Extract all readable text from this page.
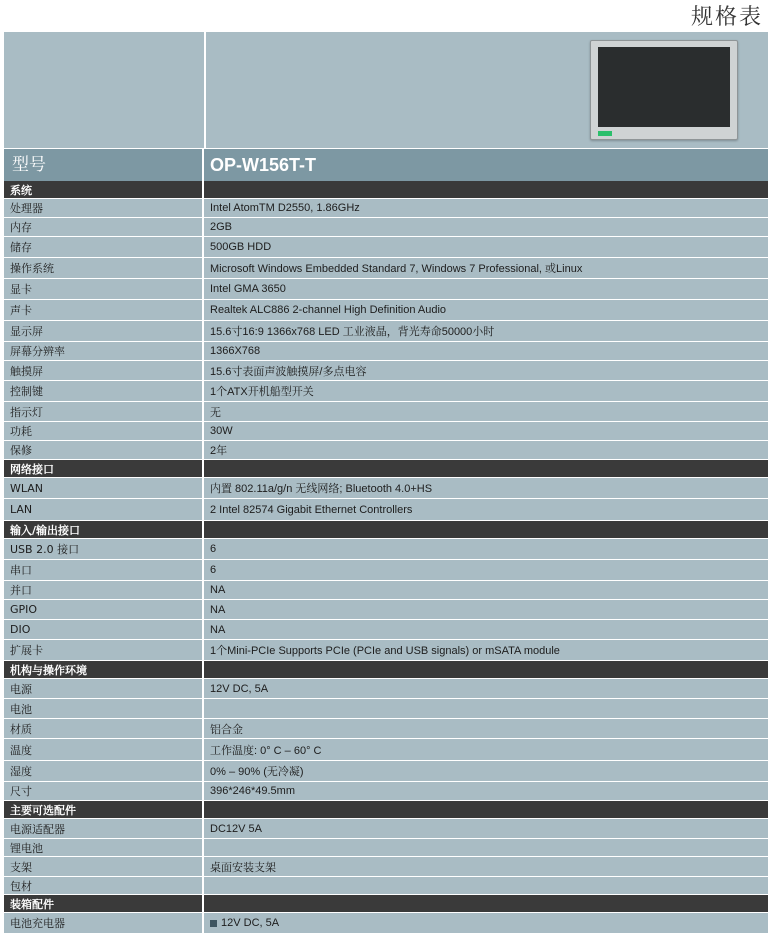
规格表
型号	OP-W156T-T
系统
处理器	Intel AtomTM D2550, 1.86GHz
内存	2GB
储存	500GB HDD
操作系统	Microsoft Windows Embedded Standard 7, Windows 7 Professional, 或Linux
显卡	Intel GMA 3650
声卡	Realtek ALC886 2-channel High Definition Audio
显示屏	15.6寸16:9 1366x768 LED 工业液晶，背光寿命50000小时
屏幕分辨率	1366X768
触摸屏	15.6寸表面声波触摸屏/多点电容
控制键	1个ATX开机船型开关
指示灯	无
功耗	30W
保修	2年
网络接口
WLAN	内置 802.11a/g/n 无线网络; Bluetooth 4.0+HS
LAN	2 Intel 82574 Gigabit Ethernet Controllers
输入/输出接口
USB 2.0 接口	6
串口	6
并口	NA
GPIO	NA
DIO	NA
扩展卡	1个Mini-PCIe Supports PCIe (PCIe and USB signals) or mSATA module
机构与操作环境
电源	12V DC, 5A
电池
材质	铝合金
温度	工作温度: 0° C – 60° C
湿度	0% – 90% (无冷凝)
尺寸	396*246*49.5mm
主要可选配件
电源适配器	DC12V 5A
锂电池
支架	桌面安装支架
包材
装箱配件
电池充电器	12V DC, 5A
